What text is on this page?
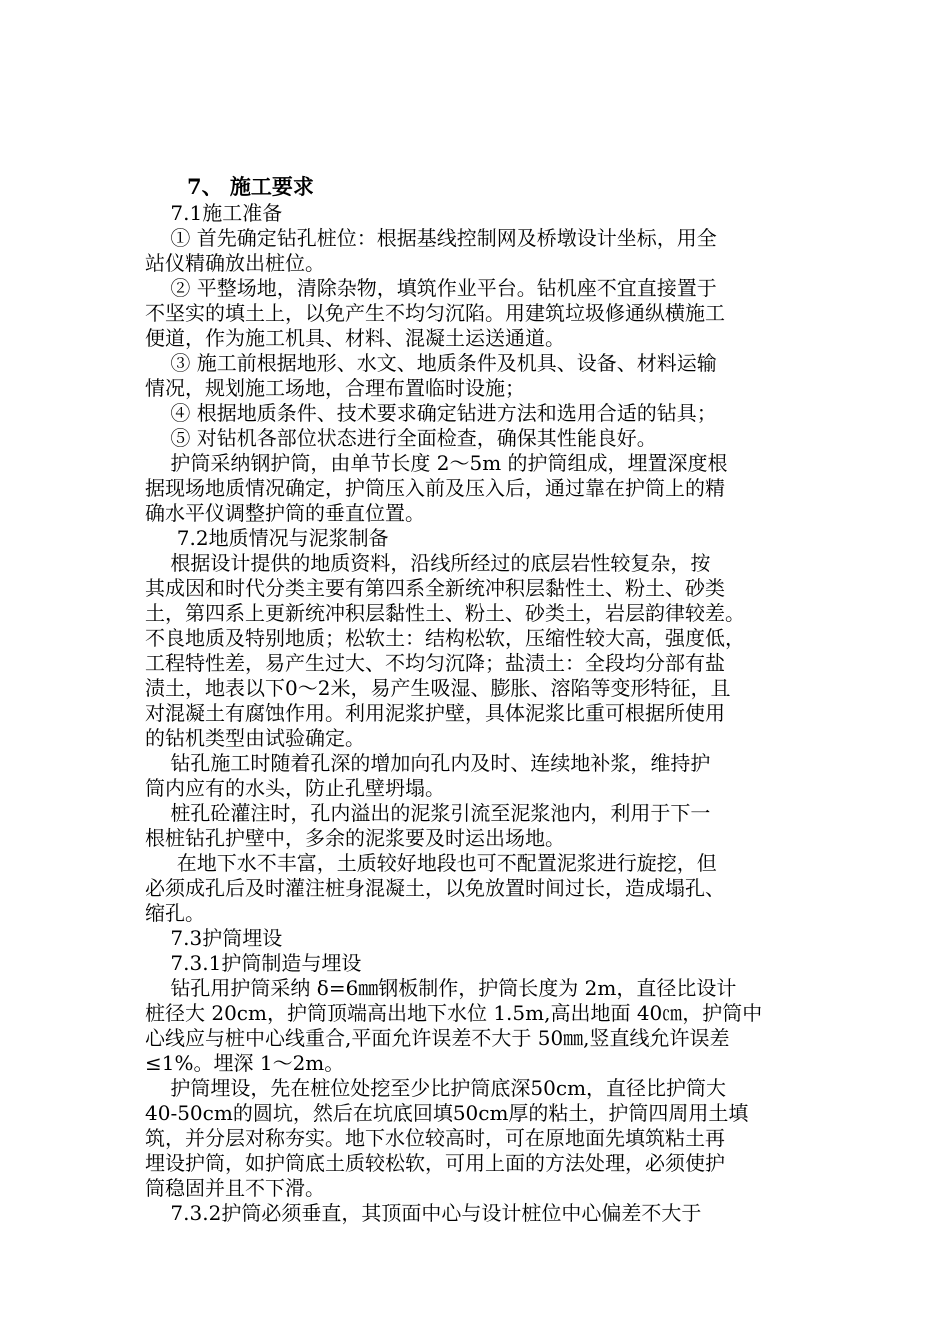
7、 施工要求
7.1施工准备
① 首先确定钻孔桩位：根据基线控制网及桥墩设计坐标，用全
站仪精确放出桩位。
② 平整场地，清除杂物，填筑作业平台。钻机座不宜直接置于
不坚实的填土上，以免产生不均匀沉陷。用建筑垃圾修通纵横施工
便道，作为施工机具、材料、混凝土运送通道。
③ 施工前根据地形、水文、地质条件及机具、设备、材料运输
情况，规划施工场地，合理布置临时设施；
④ 根据地质条件、技术要求确定钻进方法和选用合适的钻具；
⑤ 对钻机各部位状态进行全面检查，确保其性能良好。
护筒采纳钢护筒，由单节长度 2～5m 的护筒组成，埋置深度根
据现场地质情况确定，护筒压入前及压入后，通过靠在护筒上的精
确水平仪调整护筒的垂直位置。
7.2地质情况与泥浆制备
根据设计提供的地质资料，沿线所经过的底层岩性较复杂，按
其成因和时代分类主要有第四系全新统冲积层黏性土、粉土、砂类
土，第四系上更新统冲积层黏性土、粉土、砂类土，岩层韵律较差。
不良地质及特别地质；松软土：结构松软，压缩性较大高，强度低，
工程特性差，易产生过大、不均匀沉降；盐渍土：全段均分部有盐
渍土，地表以下0～2米，易产生吸湿、膨胀、溶陷等变形特征，且
对混凝土有腐蚀作用。利用泥浆护壁，具体泥浆比重可根据所使用
的钻机类型由试验确定。
钻孔施工时随着孔深的增加向孔内及时、连续地补浆，维持护
筒内应有的水头，防止孔壁坍塌。
桩孔砼灌注时，孔内溢出的泥浆引流至泥浆池内，利用于下一
根桩钻孔护壁中，多余的泥浆要及时运出场地。
在地下水不丰富，土质较好地段也可不配置泥浆进行旋挖，但
必须成孔后及时灌注桩身混凝土，以免放置时间过长，造成塌孔、
缩孔。
7.3护筒埋设
7.3.1护筒制造与埋设
钻孔用护筒采纳 δ=6㎜钢板制作，护筒长度为 2m，直径比设计
桩径大 20cm，护筒顶端高出地下水位 1.5m,高出地面 40㎝，护筒中
心线应与桩中心线重合,平面允许误差不大于 50㎜,竖直线允许误差
≤1%。埋深 1～2m。
护筒埋设，先在桩位处挖至少比护筒底深50cm，直径比护筒大
40-50cm的圆坑，然后在坑底回填50cm厚的粘土，护筒四周用土填
筑，并分层对称夯实。地下水位较高时，可在原地面先填筑粘土再
埋设护筒，如护筒底土质较松软，可用上面的方法处理，必须使护
筒稳固并且不下滑。
7.3.2护筒必须垂直，其顶面中心与设计桩位中心偏差不大于
